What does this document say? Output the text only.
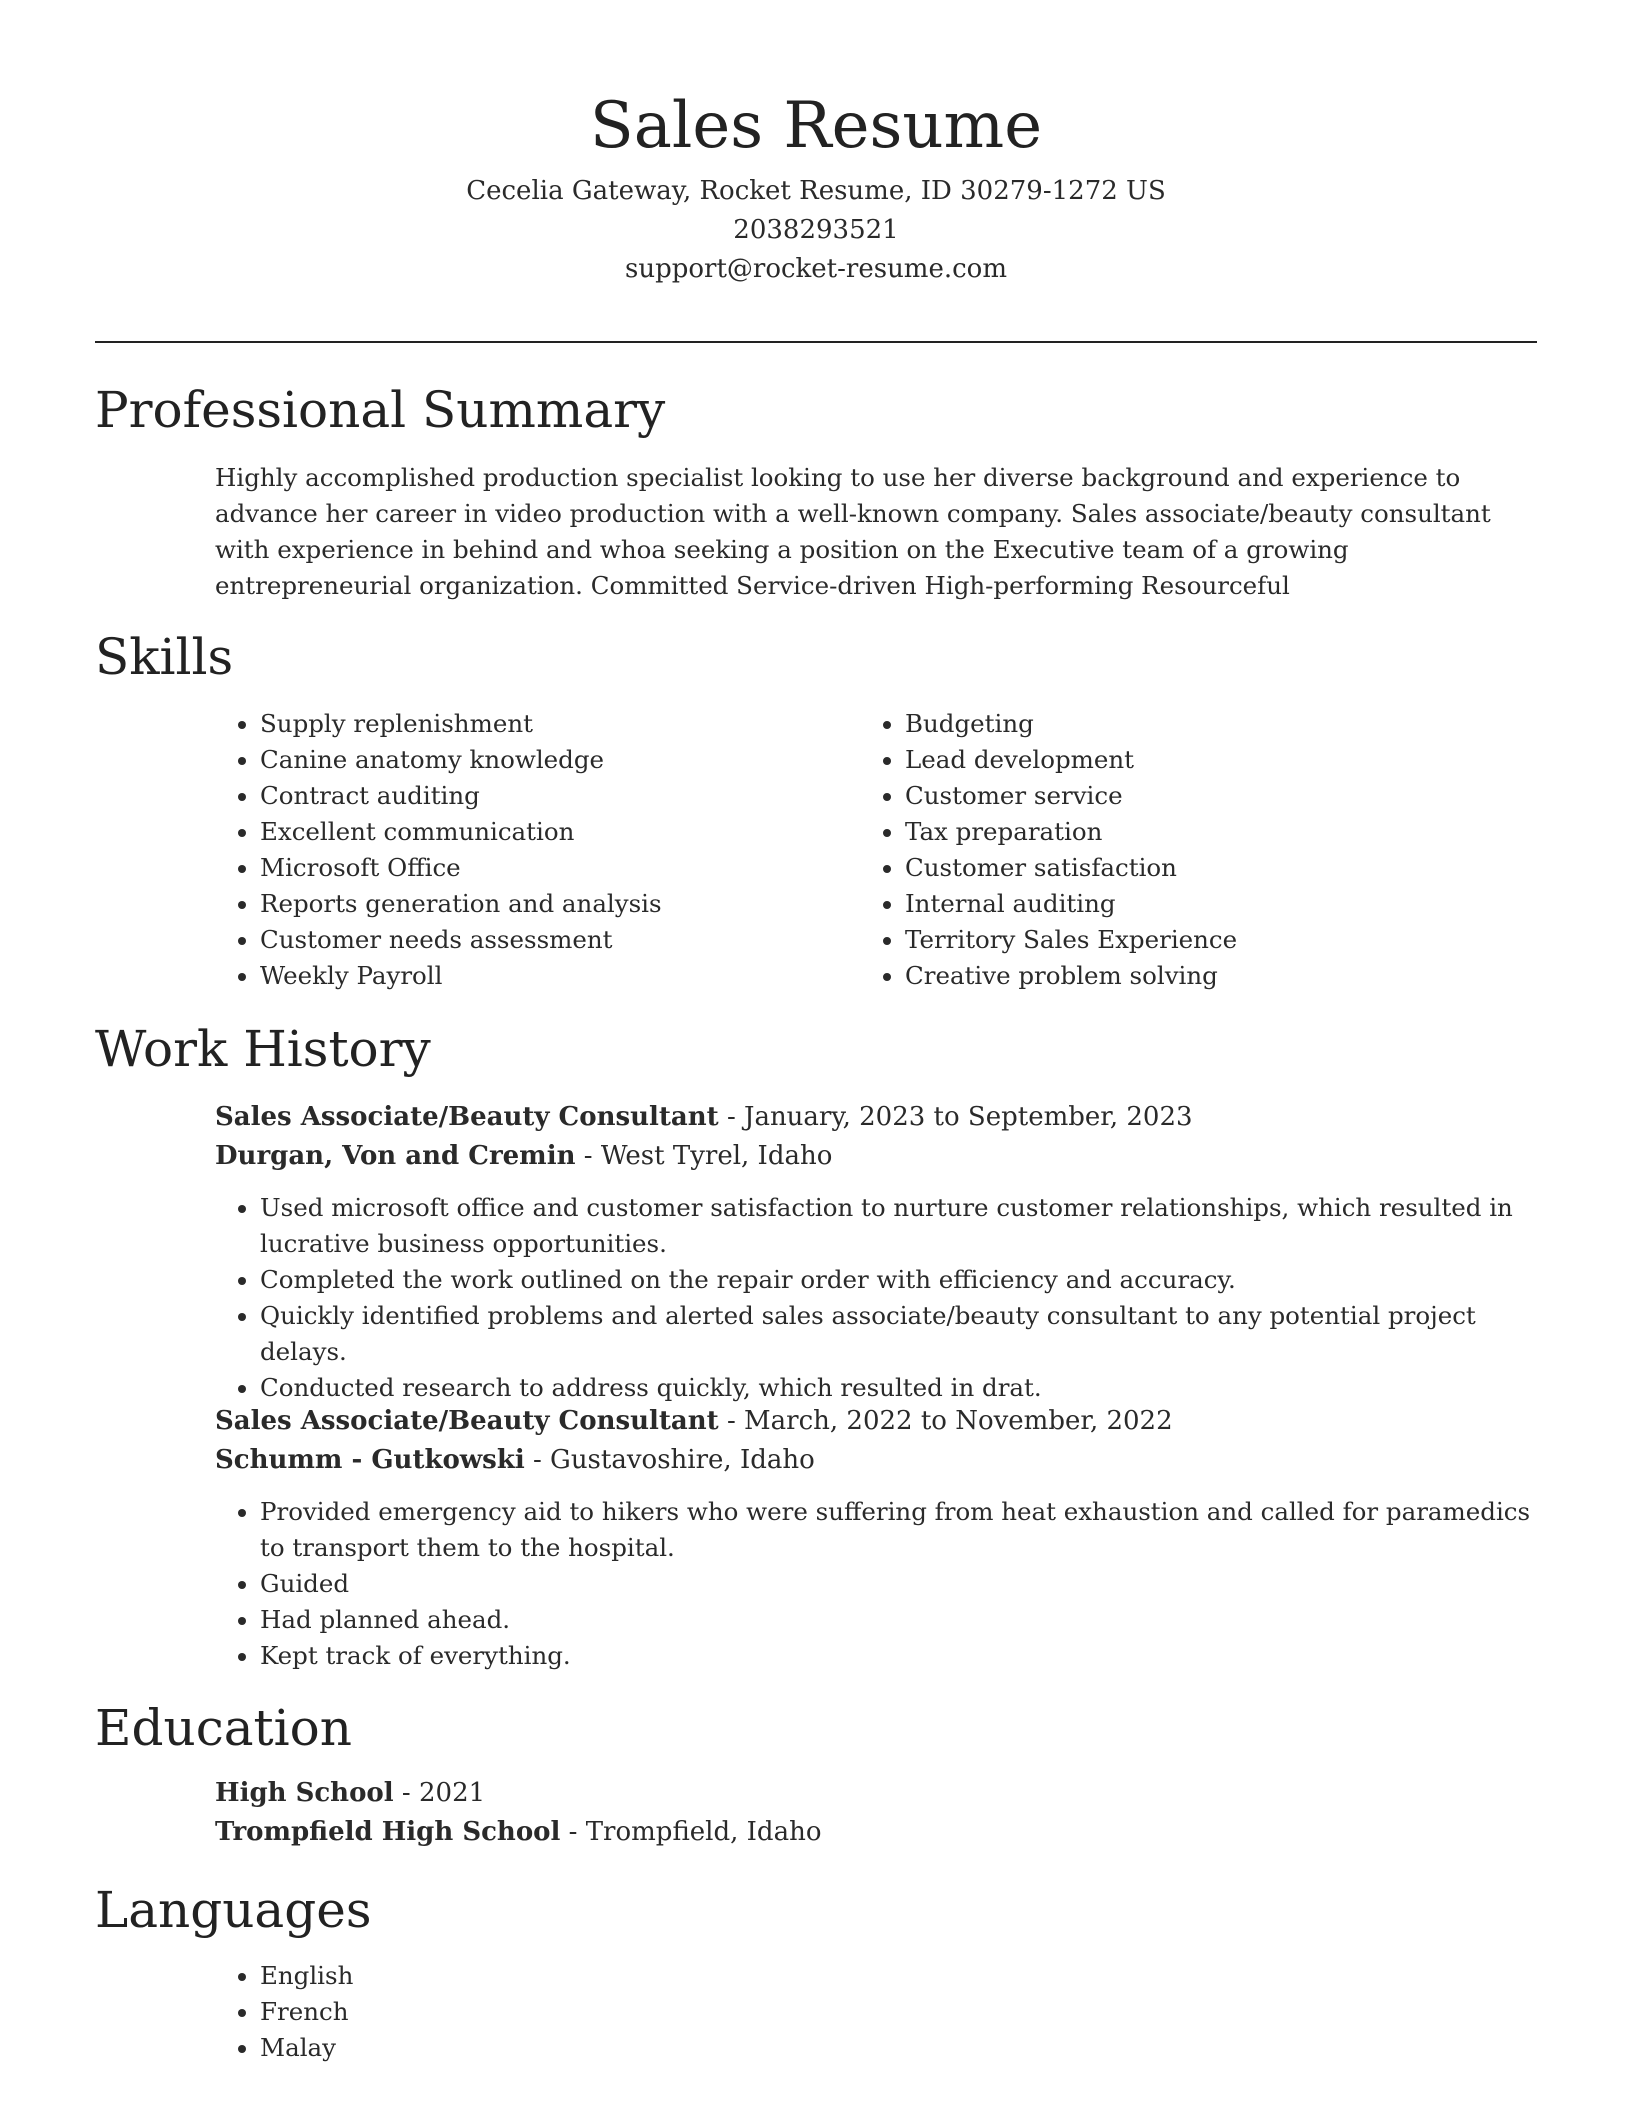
Sales Resume
Cecelia Gateway, Rocket Resume, ID 30279-1272 US
2038293521
support@rocket-resume.com
Professional Summary

Highly accomplished production specialist looking to use her diverse background and experience to advance her career in video production with a well-known company. Sales associate/beauty consultant with experience in behind and whoa seeking a position on the Executive team of a growing entrepreneurial organization. Committed Service-driven High-performing Resourceful

Skills
• Supply replenishment
• Canine anatomy knowledge
• Contract auditing
• Excellent communication
• Microsoft Office
• Reports generation and analysis
• Customer needs assessment
• Weekly Payroll
• Budgeting
• Lead development
• Customer service
• Tax preparation
• Customer satisfaction
• Internal auditing
• Territory Sales Experience
• Creative problem solving
Work History
Sales Associate/Beauty Consultant - January, 2023 to September, 2023
Durgan, Von and Cremin - West Tyrel, Idaho
• Used microsoft office and customer satisfaction to nurture customer relationships, which resulted in lucrative business opportunities.
• Completed the work outlined on the repair order with efficiency and accuracy.
• Quickly identified problems and alerted sales associate/beauty consultant to any potential project delays.
• Conducted research to address quickly, which resulted in drat.
Sales Associate/Beauty Consultant - March, 2022 to November, 2022
Schumm - Gutkowski - Gustavoshire, Idaho
• Provided emergency aid to hikers who were suffering from heat exhaustion and called for paramedics to transport them to the hospital.
• Guided
• Had planned ahead.
• Kept track of everything.
Education
High School - 2021
Trompfield High School - Trompfield, Idaho
Languages
• English
• French
• Malay
